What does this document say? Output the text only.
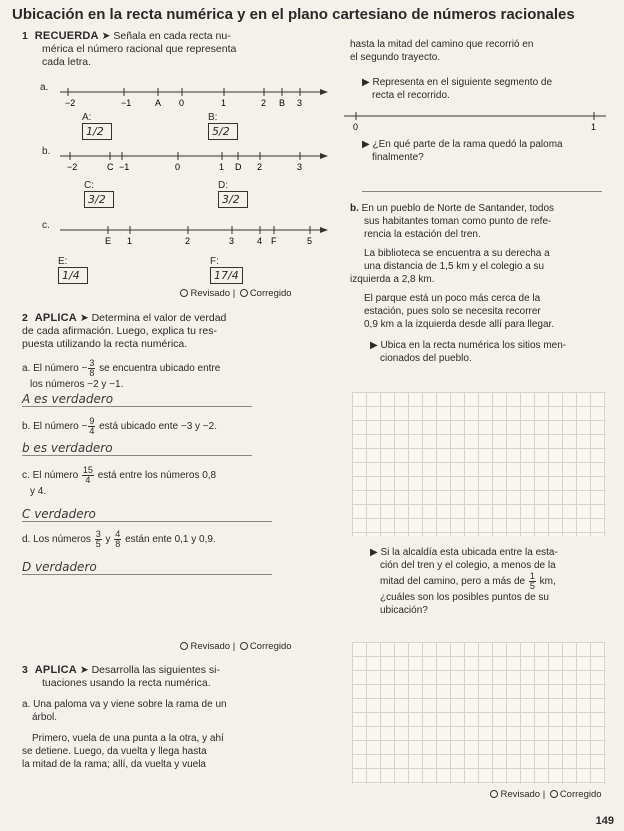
Ubicación en la recta numérica y en el plano cartesiano de números racionales
1 RECUERDA ➤ Señala en cada recta nu-
mérica el número racional que representa
cada letra.
a.
−2	−1	A 0	1	2 B 3
A: 1/2
B: 5/2
b.
−2	C −1	0	1 D 2	3
C: 3/2
D: 3/2
c.
E 1	2	3	4 F	5
E: 1/4
F: 17/4
Revisado | Corregido
2 APLICA ➤ Determina el valor de verdad
de cada afirmación. Luego, explica tu res-
puesta utilizando la recta numérica.
a. El número − $\frac{3}{8}$ se encuentra ubicado entre
los números −2 y −1.
A es verdadero
b. El número − $\frac{9}{4}$ está ubicado ente −3 y −2.
b es verdadero
c. El número $\frac{15}{4}$ está entre los números 0,8
y 4.
C verdadero
d. Los números $\frac{3}{5}$ y $\frac{4}{8}$ están ente 0,1 y 0,9.
D verdadero
Revisado | Corregido
3 APLICA ➤ Desarrolla las siguientes si-
tuaciones usando la recta numérica.
a. Una paloma va y viene sobre la rama de un
árbol.
Primero, vuela de una punta a la otra, y ahí
se detiene. Luego, da vuelta y llega hasta
la mitad de la rama; allí, da vuelta y vuela
hasta la mitad del camino que recorrió en
el segundo trayecto.
▶ Representa en el siguiente segmento de
recta el recorrido.
0	1
▶ ¿En qué parte de la rama quedó la paloma
finalmente?
b. En un pueblo de Norte de Santander, todos
sus habitantes toman como punto de refe-
rencia la estación del tren.
La biblioteca se encuentra a su derecha a
una distancia de 1,5 km y el colegio a su
izquierda a 2,8 km.
El parque está un poco más cerca de la
estación, pues solo se necesita recorrer
0,9 km a la izquierda desde allí para llegar.
▶ Ubica en la recta numérica los sitios men-
cionados del pueblo.
▶ Si la alcaldía esta ubicada entre la esta-
ción del tren y el colegio, a menos de la
mitad del camino, pero a más de $\frac{1}{5}$ km,
¿cuáles son los posibles puntos de su
ubicación?
Revisado | Corregido
149
